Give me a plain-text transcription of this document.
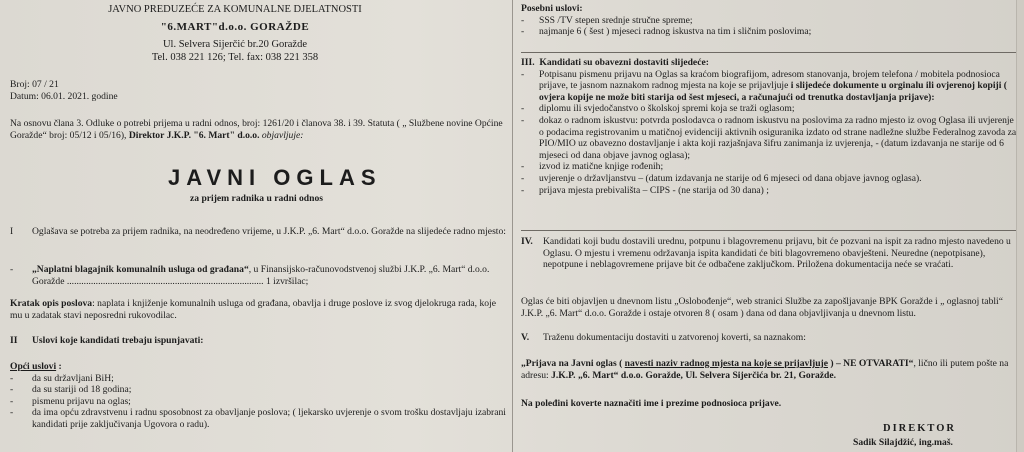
JAVNO PREDUZEĆE ZA KOMUNALNE DJELATNOSTI
"6.MART"d.o.o. GORAŽDE
Ul. Selvera Sijerčić br.20 Goražde
Tel. 038 221 126; Tel. fax: 038 221 358
Broj: 07 / 21
Datum: 06.01. 2021. godine
Na osnovu člana 3. Odluke o potrebi prijema u radni odnos, broj: 1261/20 i članova 38. i 39. Statuta ( „ Službene novine Općine Goražde“ broj: 05/12 i 05/16), Direktor J.K.P. "6. Mart" d.o.o. objavljuje:
JAVNI OGLAS
za prijem radnika u radni odnos
I Oglašava se potreba za prijem radnika, na neodređeno vrijeme, u J.K.P. „6. Mart“ d.o.o. Goražde na slijedeće radno mjesto:
- „Naplatni blagajnik komunalnih usluga od građana“, u Finansijsko-računovodstvenoj službi J.K.P. „6. Mart“ d.o.o. Goražde .................................................................................. 1 izvršilac;
Kratak opis poslova: naplata i knjiženje komunalnih usluga od građana, obavlja i druge poslove iz svog djelokruga rada, koje mu u zadatak stavi neposredni rukovodilac.
II Uslovi koje kandidati trebaju ispunjavati:
Opći uslovi :
- da su državljani BiH;
- da su stariji od 18 godina;
- pismenu prijavu na oglas;
- da ima opću zdravstvenu i radnu sposobnost za obavljanje poslova; ( ljekarsko uvjerenje o svom trošku dostavljaju izabrani kandidati prije zaključivanja Ugovora o radu).
Posebni uslovi:
- SSS /TV stepen srednje stručne spreme;
- najmanje 6 ( šest ) mjeseci radnog iskustva na tim i sličnim poslovima;
III. Kandidati su obavezni dostaviti slijedeće:
- Potpisanu pismenu prijavu na Oglas sa kraćom biografijom, adresom stanovanja, brojem telefona / mobitela podnosioca prijave, te jasnom naznakom radnog mjesta na koje se prijavljuje i slijedeće dokumente u orginalu ili ovjerenoj kopiji ( ovjera kopije ne može biti starija od šest mjeseci, a računajući od trenutka dostavljanja prijave):
- diplomu ili svjedočanstvo o školskoj spremi koja se traži oglasom;
- dokaz o radnom iskustvu: potvrda poslodavca o radnom iskustvu na poslovima za radno mjesto iz ovog Oglasa ili uvjerenje o podacima registrovanim u matičnoj evidenciji aktivnih osiguranika izdato od strane nadležne službe Federalnog zavoda za PIO/MIO uz obavezno dostavljanje i akta koji razjašnjava šifru zanimanja iz uvjerenja, - (datum izdavanja ne starije od 6 mjeseci od dana objave javnog oglasa);
- izvod iz matične knjige rođenih;
- uvjerenje o državljanstvu – (datum izdavanja ne starije od 6 mjeseci od dana objave javnog oglasa).
- prijava mjesta prebivališta – CIPS - (ne starija od 30 dana) ;
IV. Kandidati koji budu dostavili urednu, potpunu i blagovremenu prijavu, bit će pozvani na ispit za radno mjesto navedeno u Oglasu. O mjestu i vremenu održavanja ispita kandidati će biti blagovremeno obavješteni. Neuredne (nepotpisane), nepotpune i neblagovremene prijave bit će odbačene zaključkom. Priložena dokumentacija neće se vraćati.
Oglas će biti objavljen u dnevnom listu „Oslobođenje“, web stranici Službe za zapošljavanje BPK Goražde i „ oglasnoj tabli“ J.K.P. „6. Mart“ d.o.o. Goražde i ostaje otvoren 8 ( osam ) dana od dana objavljivanja u dnevnom listu.
V. Traženu dokumentaciju dostaviti u zatvorenoj koverti, sa naznakom:
„Prijava na Javni oglas ( navesti naziv radnog mjesta na koje se prijavljuje ) – NE OTVARATI“, lično ili putem pošte na adresu: J.K.P. „6. Mart“ d.o.o. Goražde, Ul. Selvera Sijerčića br. 21, Goražde.
Na poleđini koverte naznačiti ime i prezime podnosioca prijave.
DIREKTOR
Sadik Silajdžić, ing.maš.
